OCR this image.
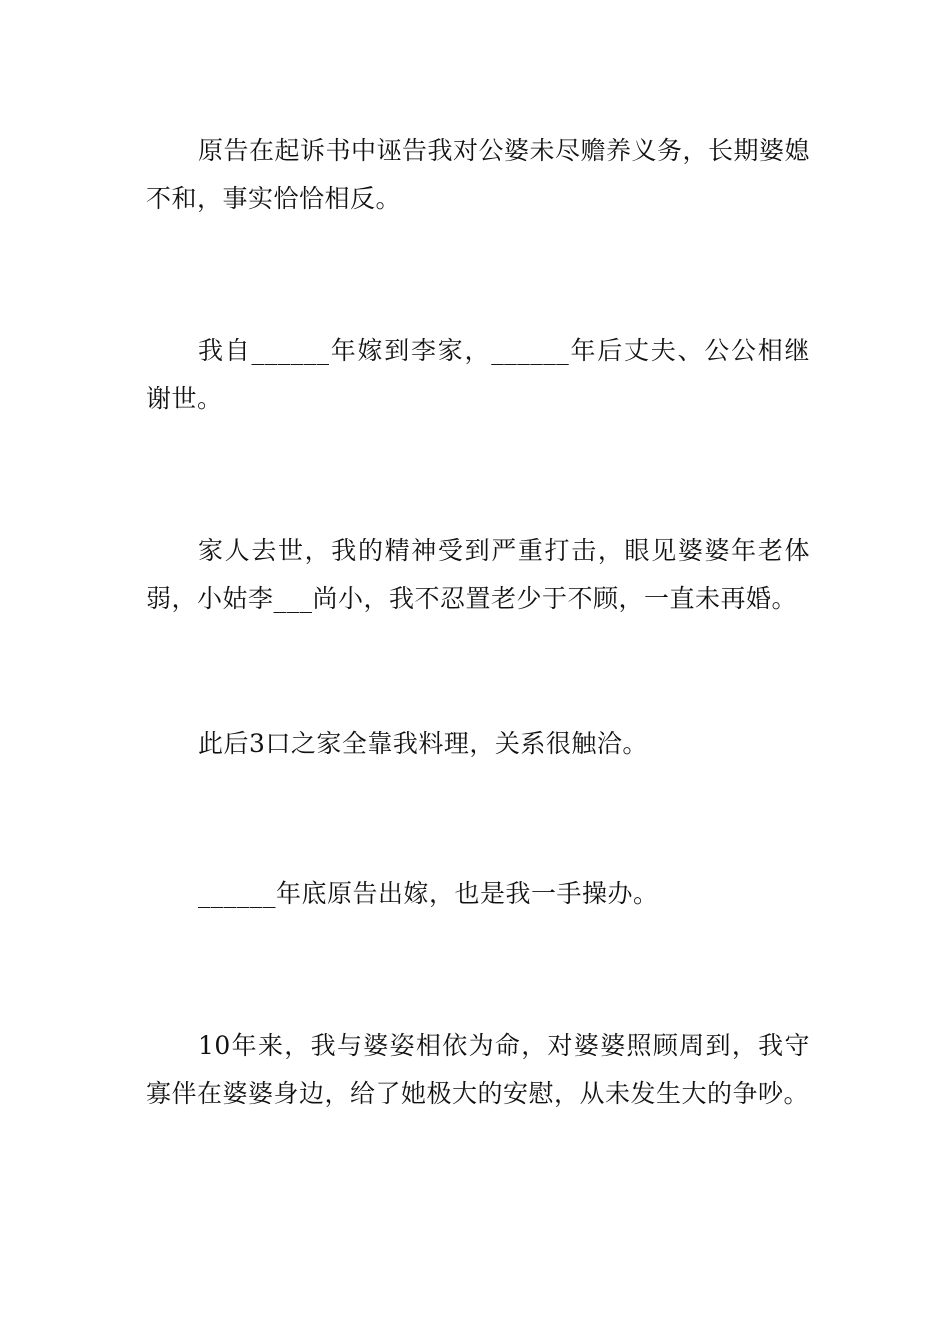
原告在起诉书中诬告我对公婆未尽赡养义务，长期婆媳不和，事实恰恰相反。

我自______年嫁到李家，______年后丈夫、公公相继谢世。

家人去世，我的精神受到严重打击，眼见婆婆年老体弱，小姑李___尚小，我不忍置老少于不顾，一直未再婚。

此后3口之家全靠我料理，关系很触洽。

______年底原告出嫁，也是我一手操办。

10年来，我与婆姿相依为命，对婆婆照顾周到，我守寡伴在婆婆身边，给了她极大的安慰，从未发生大的争吵。
